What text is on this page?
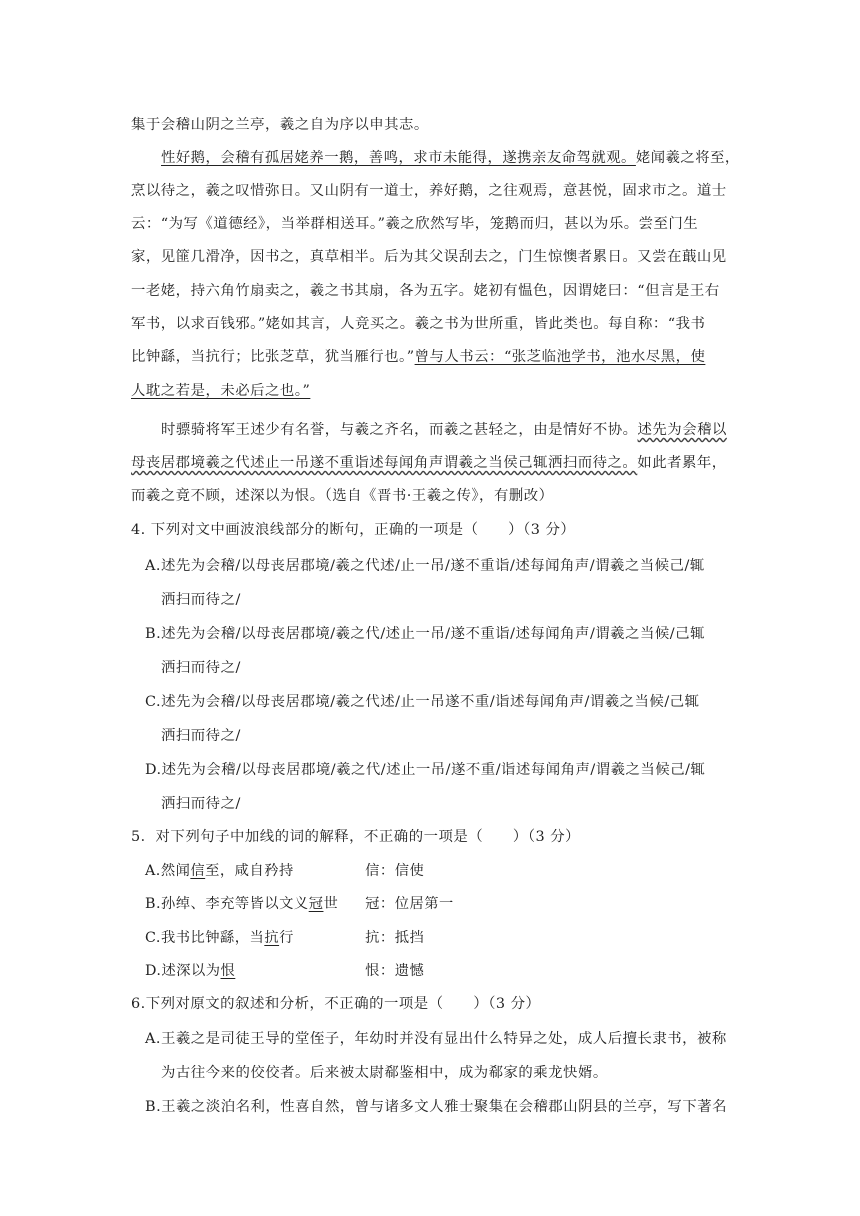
集于会稽山阴之兰亭，羲之自为序以申其志。
性好鹅，会稽有孤居姥养一鹅，善鸣，求市未能得，遂携亲友命驾就观。姥闻羲之将至，
烹以待之，羲之叹惜弥日。又山阴有一道士，养好鹅，之往观焉，意甚悦，固求市之。道士
云：“为写《道德经》，当举群相送耳。”羲之欣然写毕，笼鹅而归，甚以为乐。尝至门生
家，见篚几滑净，因书之，真草相半。后为其父误刮去之，门生惊懊者累日。又尝在蕺山见
一老姥，持六角竹扇卖之，羲之书其扇，各为五字。姥初有愠色，因谓姥曰：“但言是王右
军书，以求百钱邪。”姥如其言，人竞买之。羲之书为世所重，皆此类也。每自称：“我书
比钟繇，当抗行；比张芝草，犹当雁行也。”曾与人书云：“张芝临池学书，池水尽黑，使
人耽之若是，未必后之也。”
时骠骑将军王述少有名誉，与羲之齐名，而羲之甚轻之，由是情好不协。述先为会稽以
母丧居郡境羲之代述止一吊遂不重诣述每闻角声谓羲之当侯己辄洒扫而待之。如此者累年，
而羲之竟不顾，述深以为恨。（选自《晋书·王羲之传》，有删改）
4. 下列对文中画波浪线部分的断句，正确的一项是（　　）（3 分）
A.述先为会稽/以母丧居郡境/羲之代述/止一吊/遂不重诣/述每闻角声/谓羲之当候己/辄
洒扫而待之/
B.述先为会稽/以母丧居郡境/羲之代/述止一吊/遂不重诣/述每闻角声/谓羲之当候/己辄
洒扫而待之/
C.述先为会稽/以母丧居郡境/羲之代述/止一吊遂不重/诣述每闻角声/谓羲之当候/己辄
洒扫而待之/
D.述先为会稽/以母丧居郡境/羲之代/述止一吊/遂不重/诣述每闻角声/谓羲之当候己/辄
洒扫而待之/
5．对下列句子中加线的词的解释，不正确的一项是（　　）（3 分）
A.然闻信至，咸自矜持	信：信使
B.孙绰、李充等皆以文义冠世 冠：位居第一
C.我书比钟繇，当抗行	抗：抵挡
D.述深以为恨	恨：遗憾
6.下列对原文的叙述和分析，不正确的一项是（　　）（3 分）
A.王羲之是司徒王导的堂侄子，年幼时并没有显出什么特异之处，成人后擅长隶书，被称
为古往今来的佼佼者。后来被太尉郗鉴相中，成为郗家的乘龙快婿。
B.王羲之淡泊名利，性喜自然，曾与诸多文人雅士聚集在会稽郡山阴县的兰亭，写下著名
